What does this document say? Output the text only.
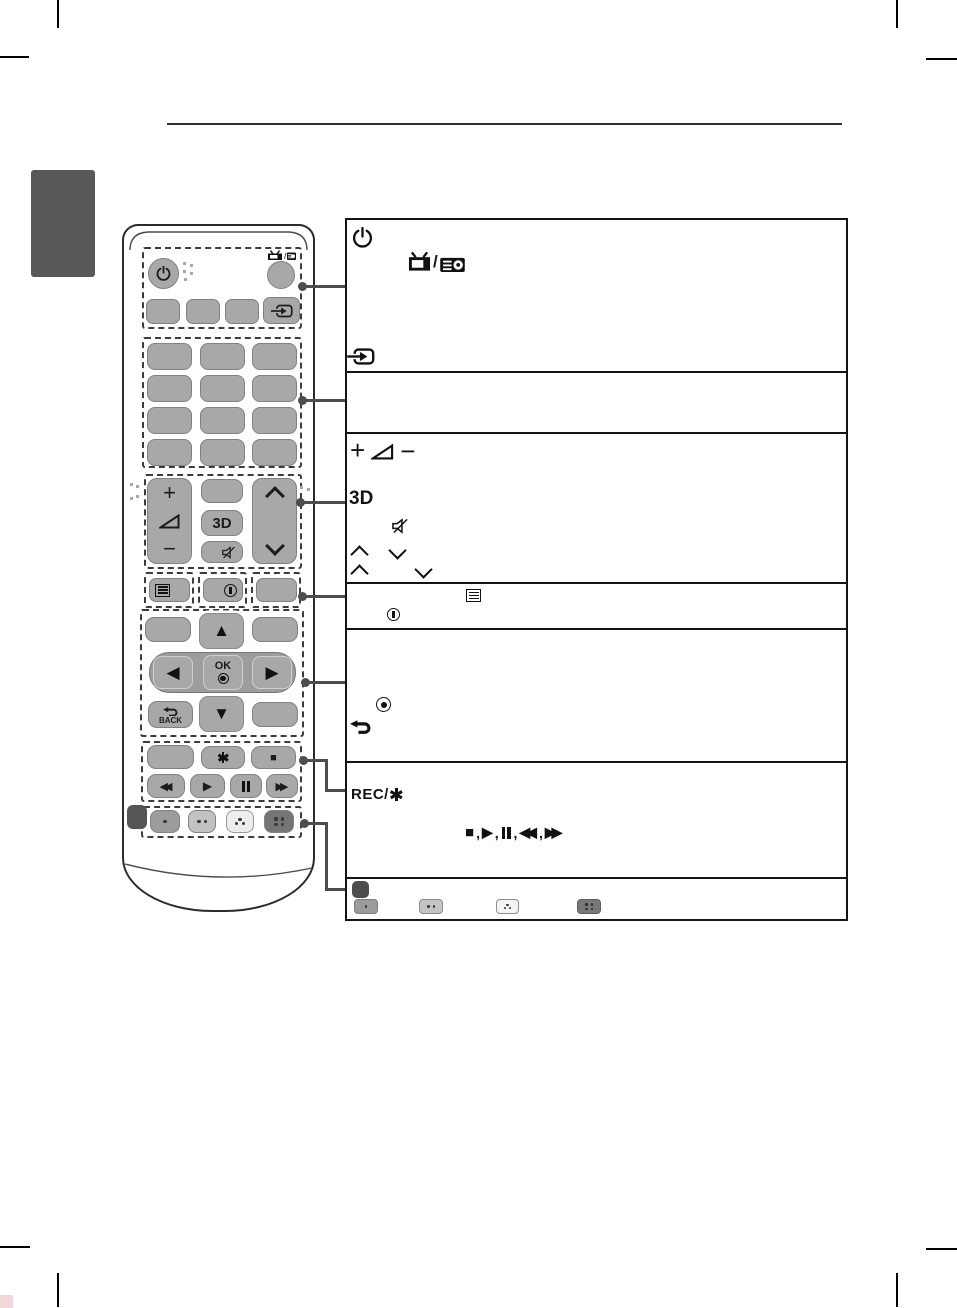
/
+
−
3D
▲
▼
◀	OK ▶
BACK
■
◀◀	▶	▶▶
/
+ −
3D
REC/
■ , ▶ , , ◀◀ , ▶▶
